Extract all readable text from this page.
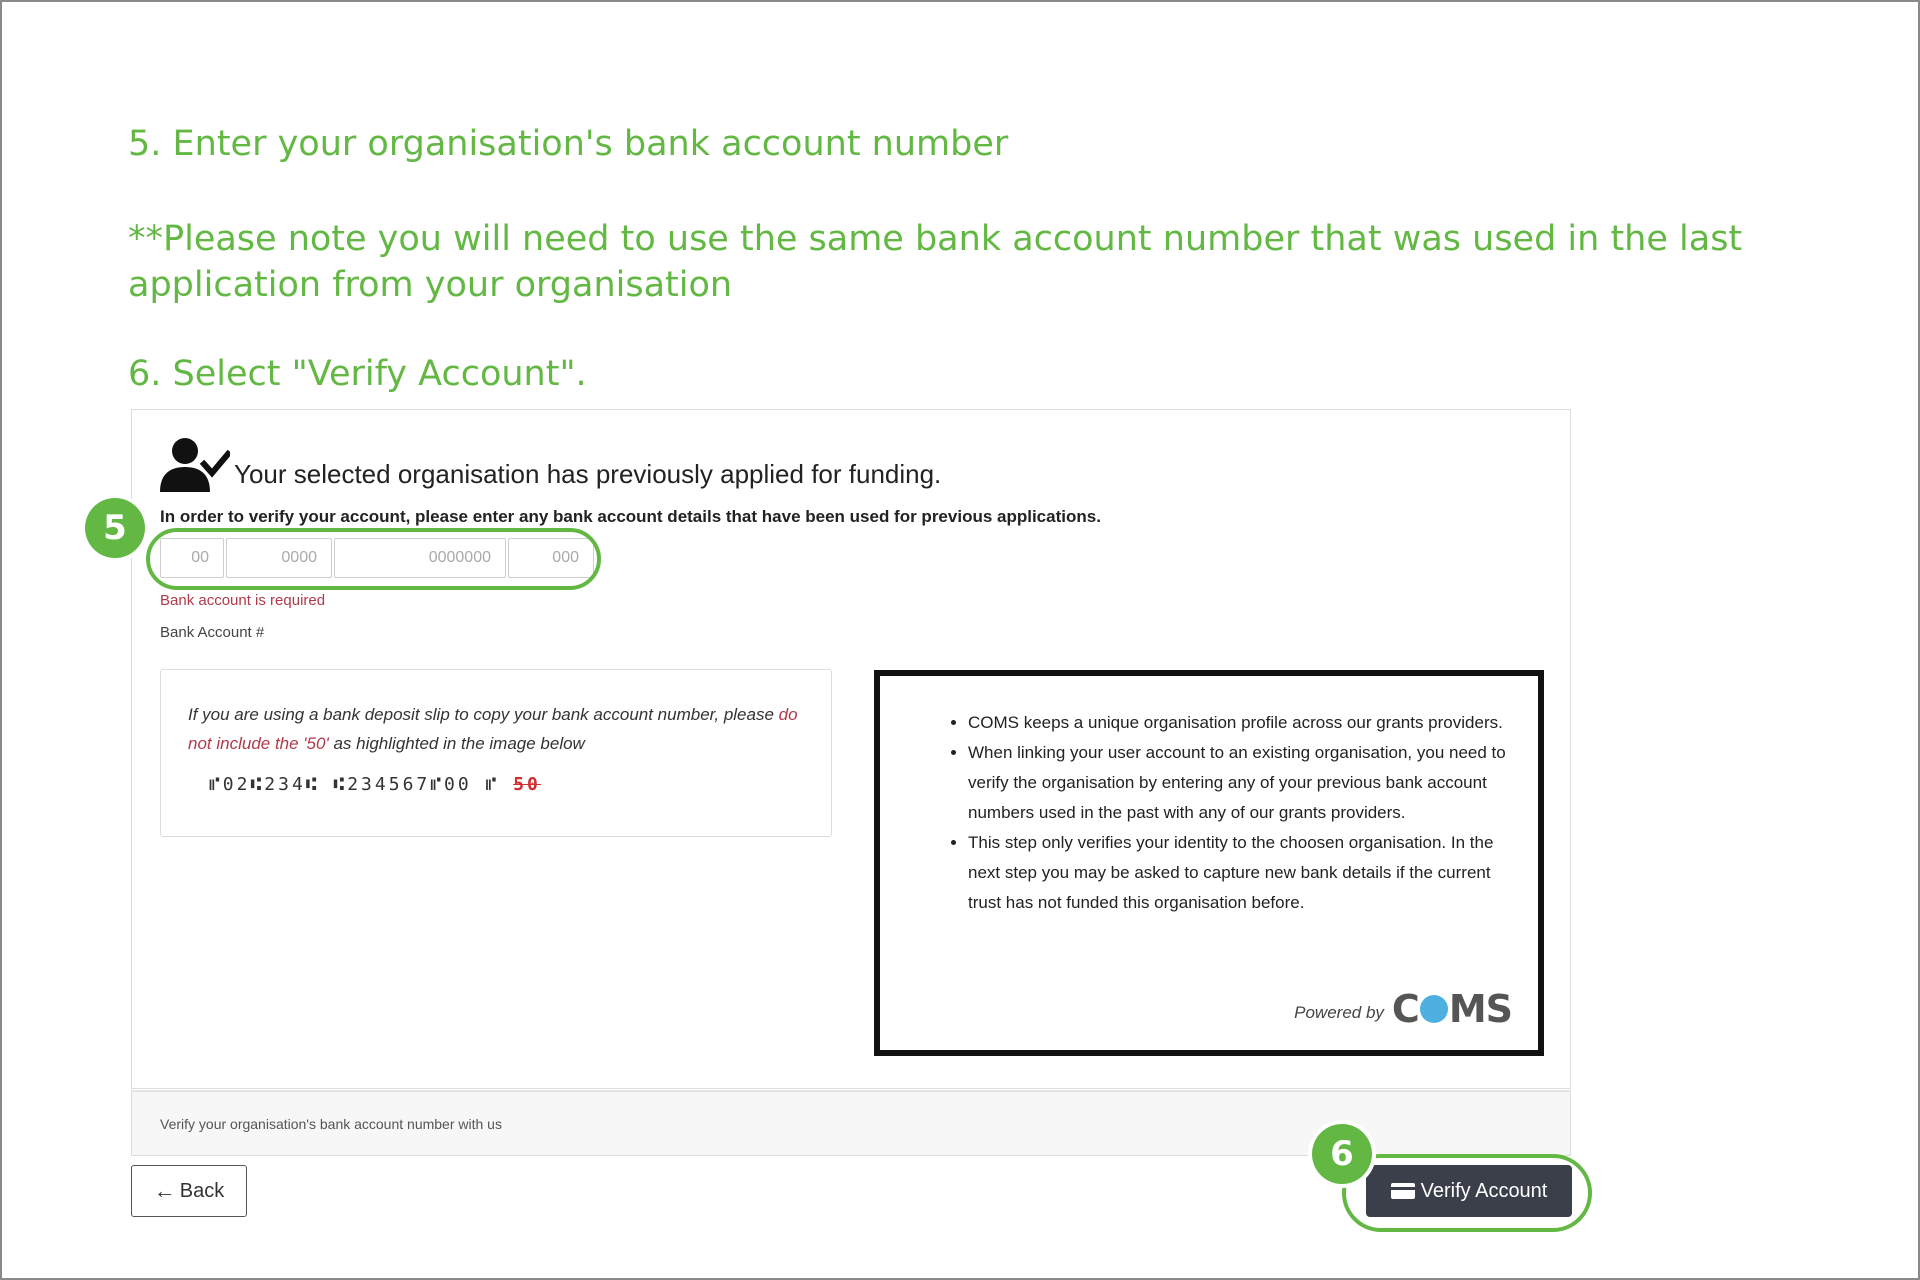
5. Enter your organisation's bank account number

**Please note you will need to use the same bank account number that was used in the last application from your organisation

6. Select "Verify Account".
Verify your organisation's bank account number with us
Your selected organisation has previously applied for funding.
In order to verify your account, please enter any bank account details that have been used for previous applications.
00
0000
0000000
000
5
Bank account is required
Bank Account #
If you are using a bank deposit slip to copy your bank account number, please do not include the '50' as highlighted in the image below
⑈02⑆234⑆ ⑆234567⑈00 ⑈ 50
• COMS keeps a unique organisation profile across our grants providers.
• When linking your user account to an existing organisation, you need to verify the organisation by entering any of your previous bank account numbers used in the past with any of our grants providers.
• This step only verifies your identity to the choosen organisation. In the next step you may be asked to capture new bank details if the current trust has not funded this organisation before.
Powered by C MS
← Back	Verify Account
6
